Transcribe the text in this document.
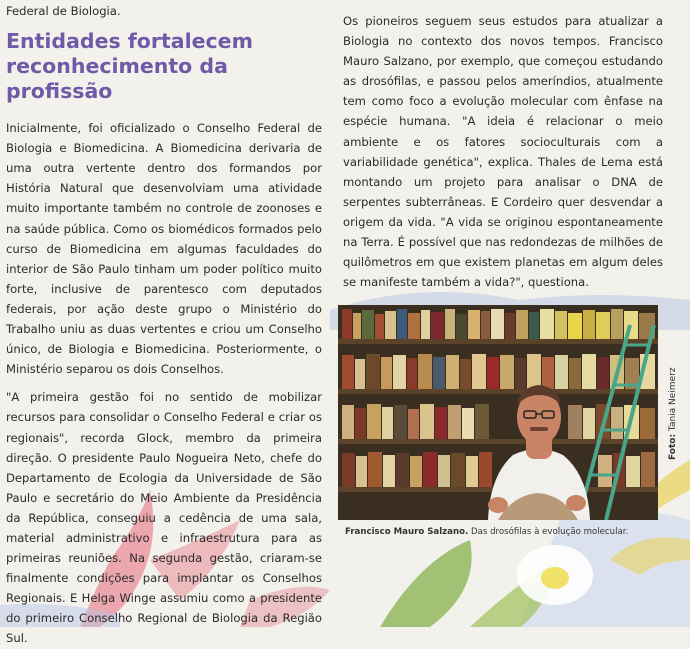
Federal de Biologia.

Entidades fortalecem reconhecimento da profissão

Inicialmente, foi oficializado o Conselho Federal de Biologia e Biomedicina. A Biomedicina derivaria de uma outra vertente dentro dos formandos por História Natural que desenvolviam uma atividade muito importante também no controle de zoonoses e na saúde pública. Como os biomédicos formados pelo curso de Biomedicina em algumas faculdades do interior de São Paulo tinham um poder político muito forte, inclusive de parentesco com deputados federais, por ação deste grupo o Ministério do Trabalho uniu as duas vertentes e criou um Conselho único, de Biologia e Biomedicina. Posteriormente, o Ministério separou os dois Conselhos.

"A primeira gestão foi no sentido de mobilizar recursos para consolidar o Conselho Federal e criar os regionais", recorda Glock, membro da primeira direção. O presidente Paulo Nogueira Neto, chefe do Departamento de Ecologia da Universidade de São Paulo e secretário do Meio Ambiente da Presidência da República, conseguiu a cedência de uma sala, material administrativo e infraestrutura para as primeiras reuniões. Na segunda gestão, criaram-se finalmente condições para implantar os Conselhos Regionais. E Helga Winge assumiu como a presidente do primeiro Conselho Regional de Biologia da Região Sul.

Os pioneiros seguem seus estudos para atualizar a Biologia no contexto dos novos tempos. Francisco Mauro Salzano, por exemplo, que começou estudando as drosófilas, e passou pelos ameríndios, atualmente tem como foco a evolução molecular com ênfase na espécie humana. "A ideia é relacionar o meio ambiente e os fatores socioculturais com a variabilidade genética", explica. Thales de Lema está montando um projeto para analisar o DNA de serpentes subterrâneas. E Cordeiro quer desvendar a origem da vida. "A vida se originou espontaneamente na Terra. É possível que nas redondezas de milhões de quilômetros em que existem planetas em algum deles se manifeste também a vida?", questiona.

Foto: Tania Neimerz
Francisco Mauro Salzano. Das drosófilas à evolução molecular.
